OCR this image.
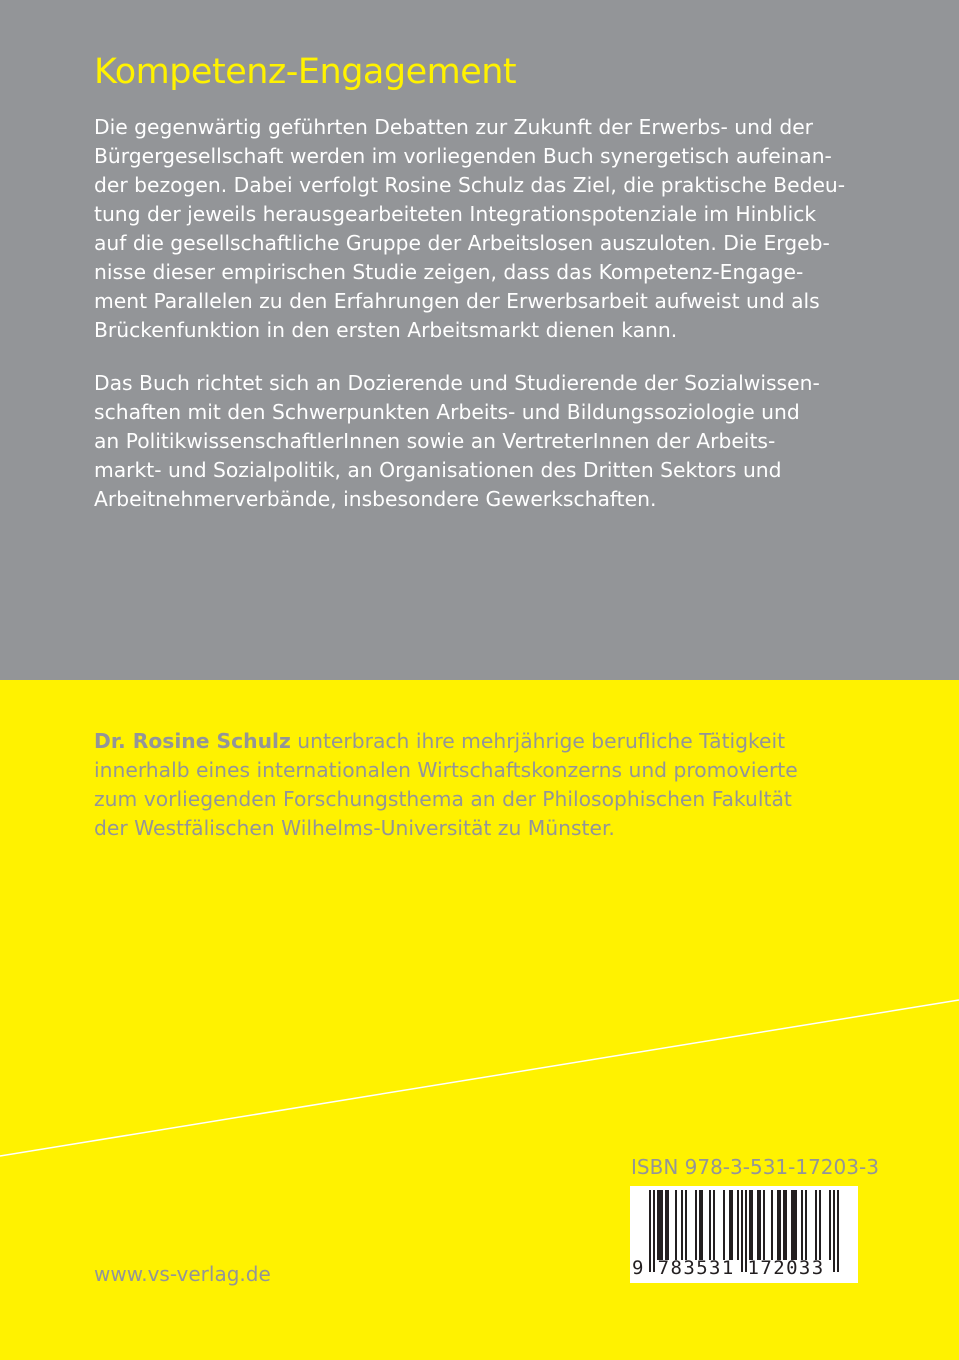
Kompetenz-Engagement
Die gegenwärtig geführten Debatten zur Zukunft der Erwerbs- und der
Bürgergesellschaft werden im vorliegenden Buch synergetisch aufeinan-
der bezogen. Dabei verfolgt Rosine Schulz das Ziel, die praktische Bedeu-
tung der jeweils herausgearbeiteten Integrationspotenziale im Hinblick
auf die gesellschaftliche Gruppe der Arbeitslosen auszuloten. Die Ergeb-
nisse dieser empirischen Studie zeigen, dass das Kompetenz-Engage-
ment Parallelen zu den Erfahrungen der Erwerbsarbeit aufweist und als
Brückenfunktion in den ersten Arbeitsmarkt dienen kann.
Das Buch richtet sich an Dozierende und Studierende der Sozialwissen-
schaften mit den Schwerpunkten Arbeits- und Bildungssoziologie und
an PolitikwissenschaftlerInnen sowie an VertreterInnen der Arbeits-
markt- und Sozialpolitik, an Organisationen des Dritten Sektors und
Arbeitnehmerverbände, insbesondere Gewerkschaften.
Dr. Rosine Schulz unterbrach ihre mehrjährige berufliche Tätigkeit
innerhalb eines internationalen Wirtschaftskonzerns und promovierte
zum vorliegenden Forschungsthema an der Philosophischen Fakultät
der Westfälischen Wilhelms-Universität zu Münster.
ISBN 978-3-531-17203-3
9 783531 172033
www.vs-verlag.de
